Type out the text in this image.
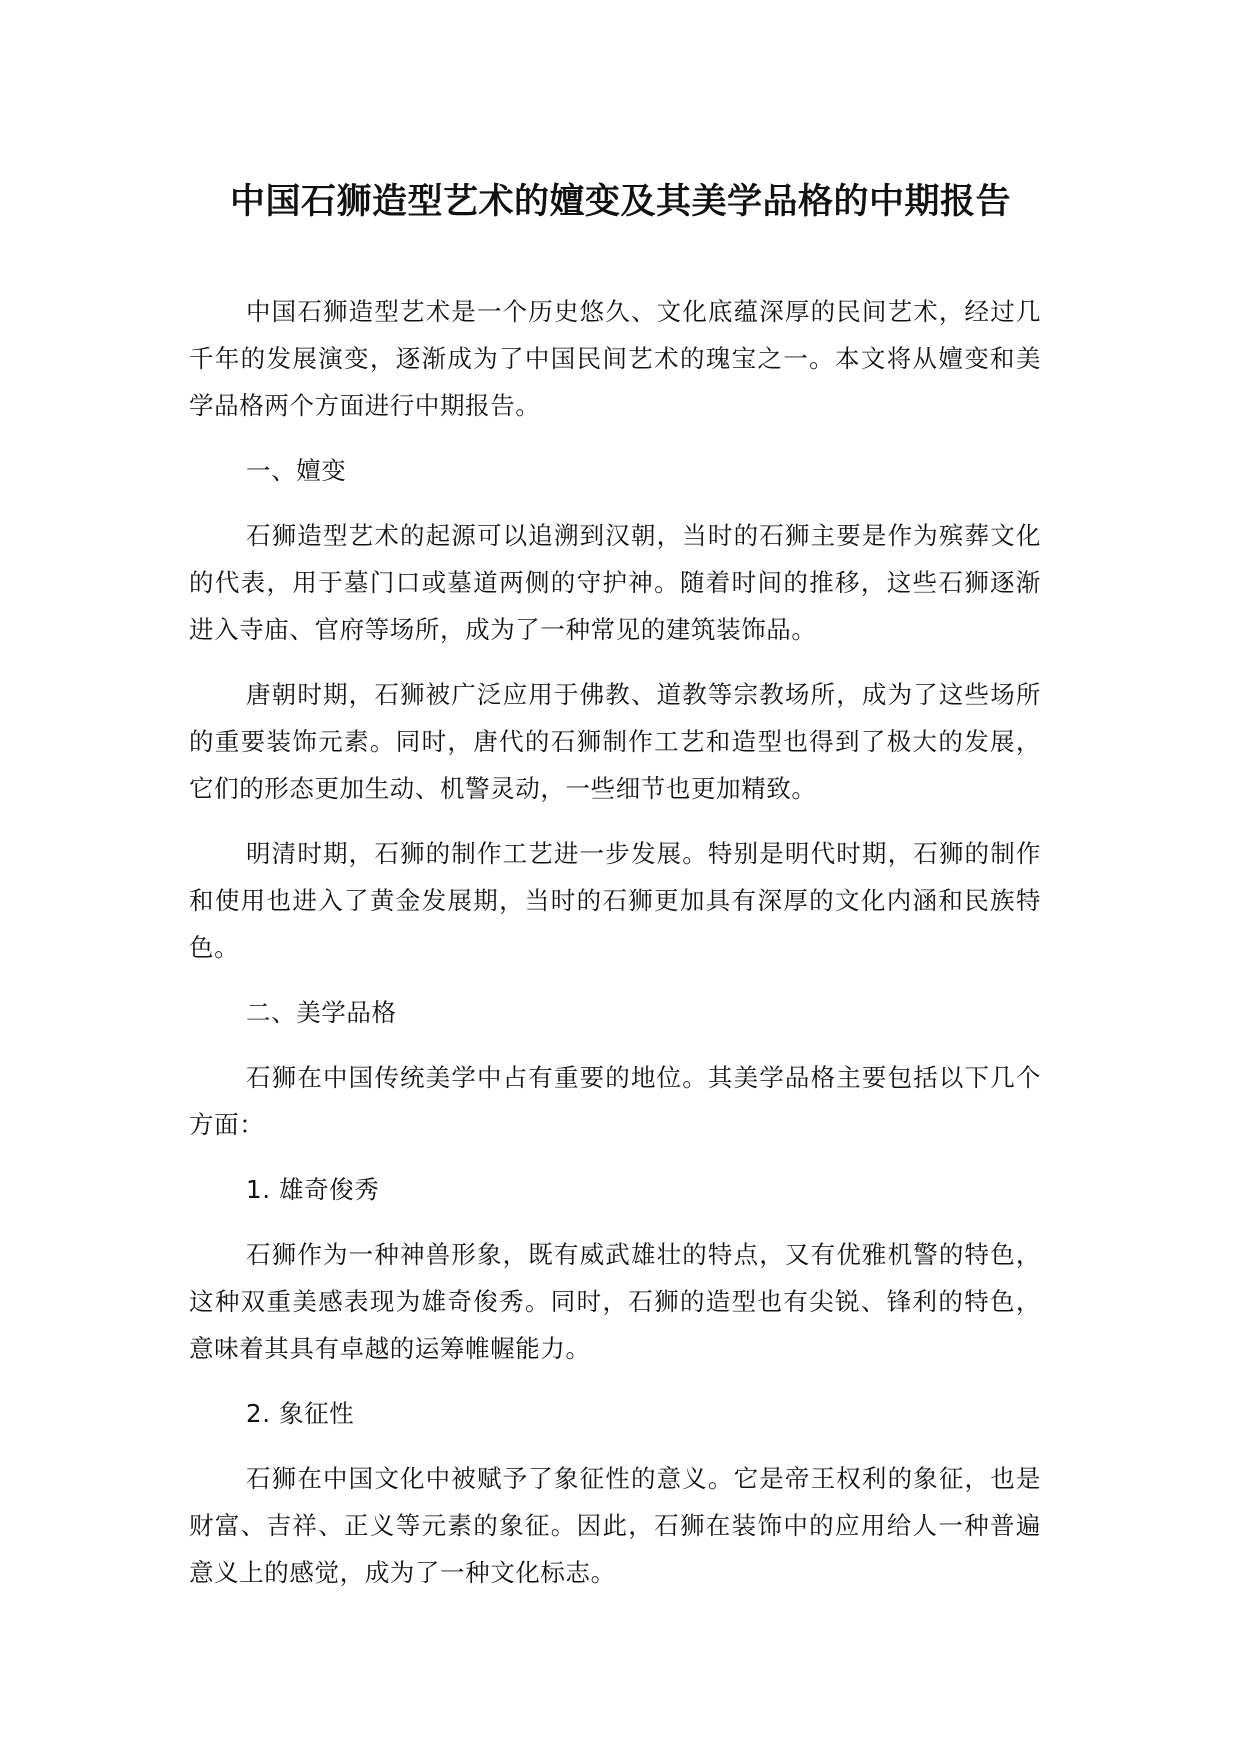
中国石狮造型艺术的嬗变及其美学品格的中期报告

中国石狮造型艺术是一个历史悠久、文化底蕴深厚的民间艺术，经过几千年的发展演变，逐渐成为了中国民间艺术的瑰宝之一。本文将从嬗变和美学品格两个方面进行中期报告。

一、嬗变

石狮造型艺术的起源可以追溯到汉朝，当时的石狮主要是作为殡葬文化的代表，用于墓门口或墓道两侧的守护神。随着时间的推移，这些石狮逐渐进入寺庙、官府等场所，成为了一种常见的建筑装饰品。

唐朝时期，石狮被广泛应用于佛教、道教等宗教场所，成为了这些场所的重要装饰元素。同时，唐代的石狮制作工艺和造型也得到了极大的发展，它们的形态更加生动、机警灵动，一些细节也更加精致。

明清时期，石狮的制作工艺进一步发展。特别是明代时期，石狮的制作和使用也进入了黄金发展期，当时的石狮更加具有深厚的文化内涵和民族特色。

二、美学品格

石狮在中国传统美学中占有重要的地位。其美学品格主要包括以下几个方面：

1. 雄奇俊秀

石狮作为一种神兽形象，既有威武雄壮的特点，又有优雅机警的特色，这种双重美感表现为雄奇俊秀。同时，石狮的造型也有尖锐、锋利的特色，意味着其具有卓越的运筹帷幄能力。

2. 象征性

石狮在中国文化中被赋予了象征性的意义。它是帝王权利的象征，也是财富、吉祥、正义等元素的象征。因此，石狮在装饰中的应用给人一种普遍意义上的感觉，成为了一种文化标志。
